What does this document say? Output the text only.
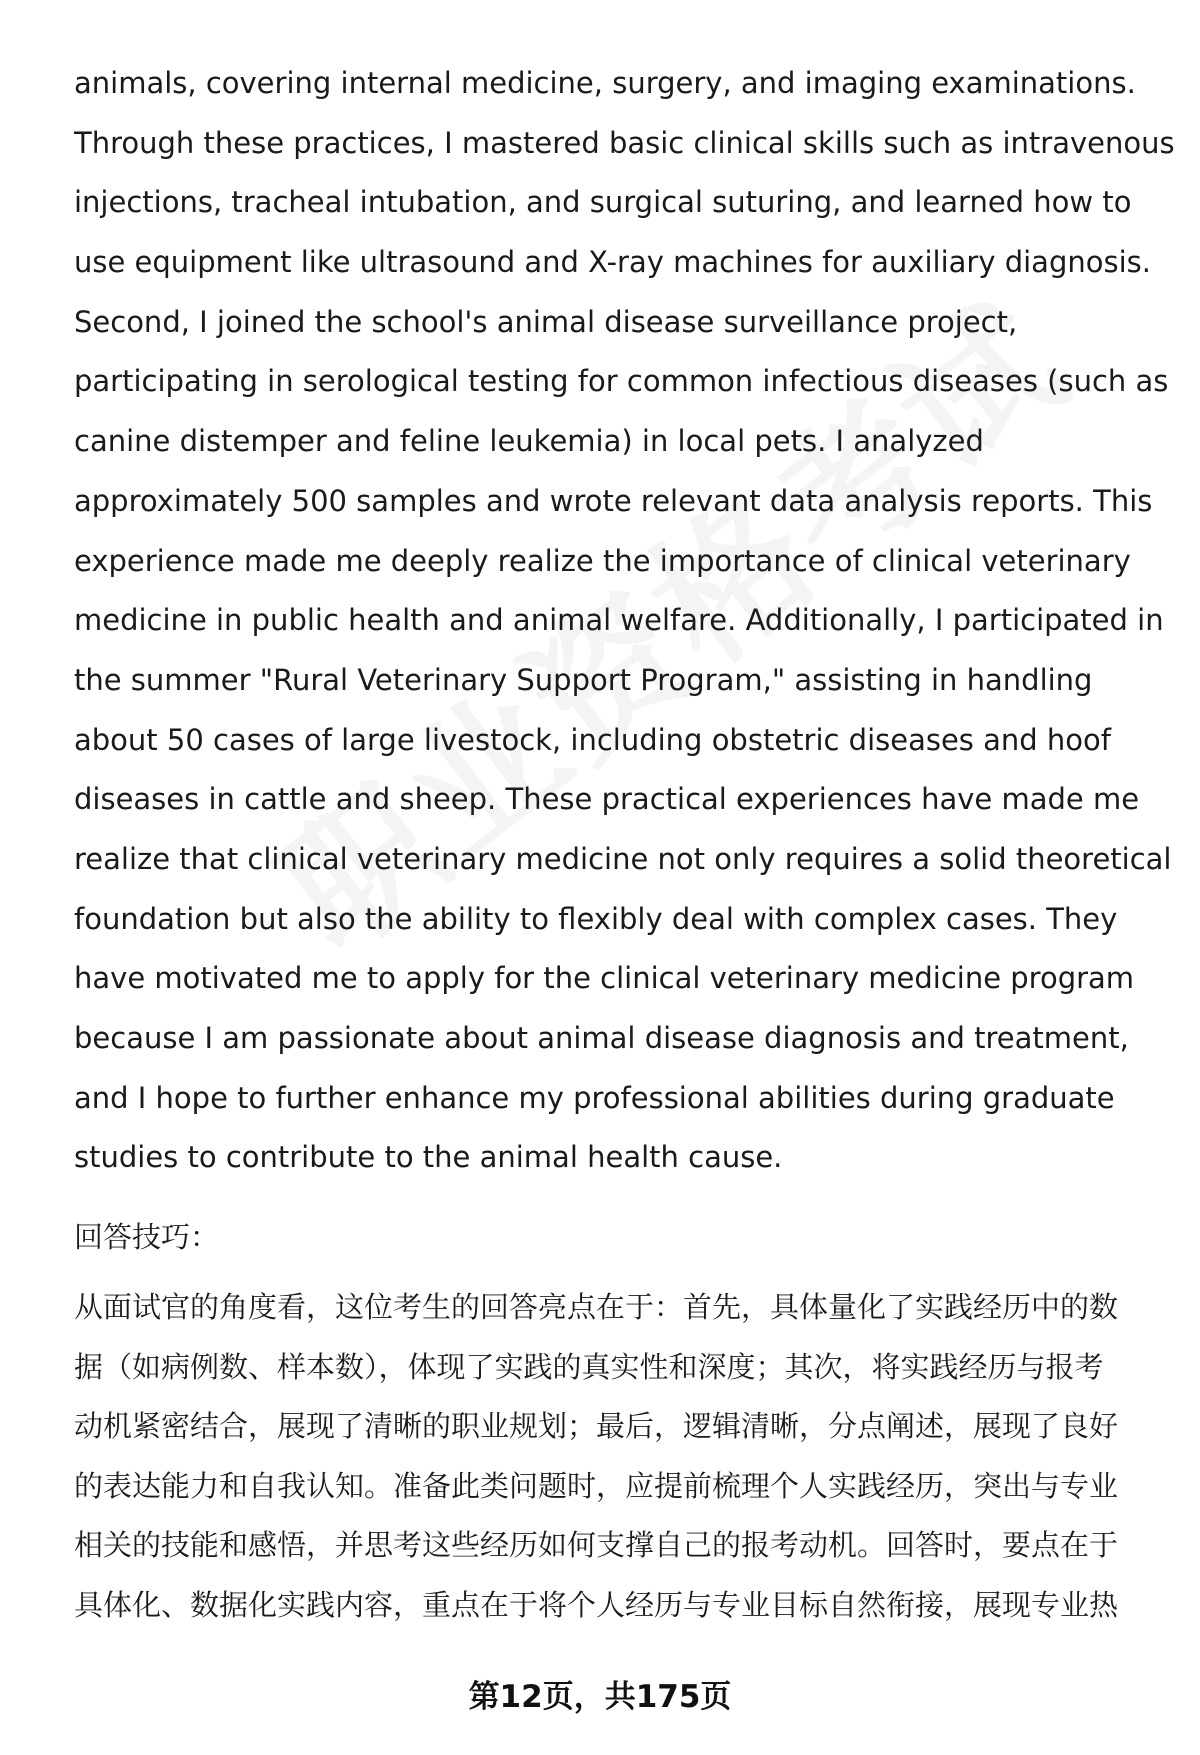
animals, covering internal medicine, surgery, and imaging examinations.
Through these practices, I mastered basic clinical skills such as intravenous
injections, tracheal intubation, and surgical suturing, and learned how to
use equipment like ultrasound and X-ray machines for auxiliary diagnosis.
Second, I joined the school's animal disease surveillance project,
participating in serological testing for common infectious diseases (such as
canine distemper and feline leukemia) in local pets. I analyzed
approximately 500 samples and wrote relevant data analysis reports. This
experience made me deeply realize the importance of clinical veterinary
medicine in public health and animal welfare. Additionally, I participated in
the summer "Rural Veterinary Support Program," assisting in handling
about 50 cases of large livestock, including obstetric diseases and hoof
diseases in cattle and sheep. These practical experiences have made me
realize that clinical veterinary medicine not only requires a solid theoretical
foundation but also the ability to flexibly deal with complex cases. They
have motivated me to apply for the clinical veterinary medicine program
because I am passionate about animal disease diagnosis and treatment,
and I hope to further enhance my professional abilities during graduate
studies to contribute to the animal health cause.
回答技巧：
从面试官的角度看，这位考生的回答亮点在于：首先，具体量化了实践经历中的数
据（如病例数、样本数），体现了实践的真实性和深度；其次，将实践经历与报考
动机紧密结合，展现了清晰的职业规划；最后，逻辑清晰，分点阐述，展现了良好
的表达能力和自我认知。准备此类问题时，应提前梳理个人实践经历，突出与专业
相关的技能和感悟，并思考这些经历如何支撑自己的报考动机。回答时，要点在于
具体化、数据化实践内容，重点在于将个人经历与专业目标自然衔接，展现专业热
第12页，共175页
